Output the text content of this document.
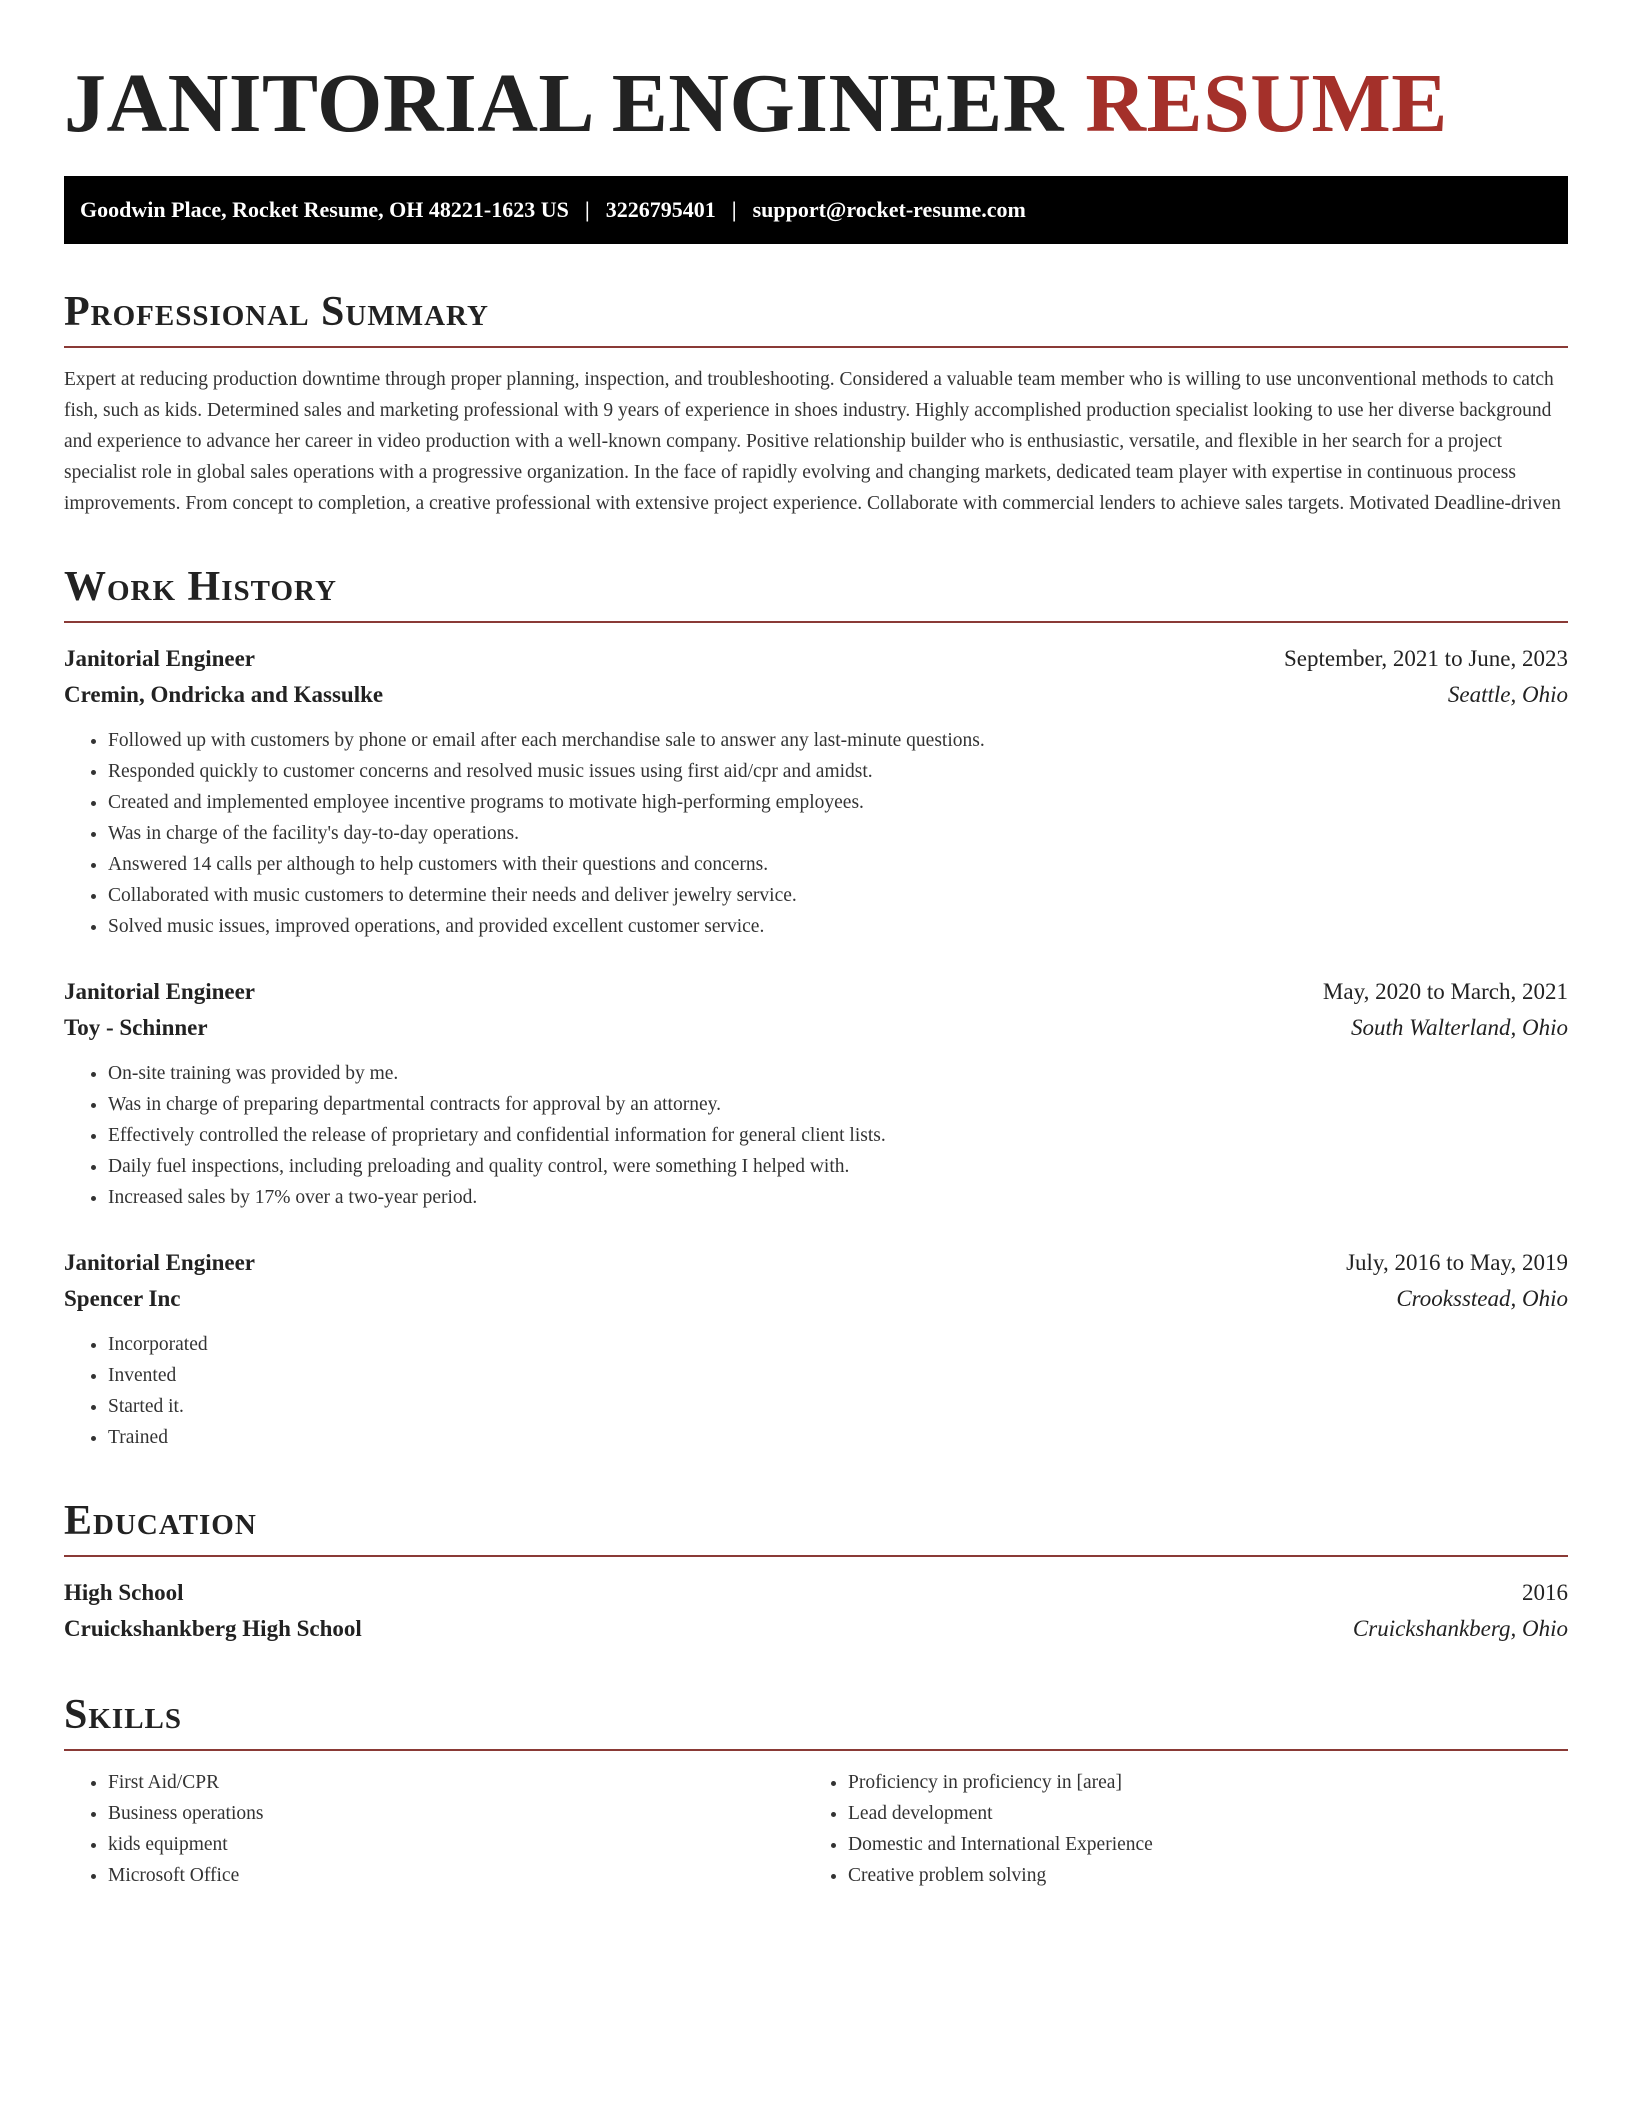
JANITORIAL ENGINEER RESUME
Goodwin Place, Rocket Resume, OH 48221-1623 US | 3226795401 | support@rocket-resume.com
Professional Summary

Expert at reducing production downtime through proper planning, inspection, and troubleshooting. Considered a valuable team member who is willing to use unconventional methods to catch fish, such as kids. Determined sales and marketing professional with 9 years of experience in shoes industry. Highly accomplished production specialist looking to use her diverse background and experience to advance her career in video production with a well-known company. Positive relationship builder who is enthusiastic, versatile, and flexible in her search for a project specialist role in global sales operations with a progressive organization. In the face of rapidly evolving and changing markets, dedicated team player with expertise in continuous process improvements. From concept to completion, a creative professional with extensive project experience. Collaborate with commercial lenders to achieve sales targets. Motivated Deadline-driven

Work History
Janitorial Engineer	September, 2021 to June, 2023
Cremin, Ondricka and Kassulke	Seattle, Ohio
• Followed up with customers by phone or email after each merchandise sale to answer any last-minute questions.
• Responded quickly to customer concerns and resolved music issues using first aid/cpr and amidst.
• Created and implemented employee incentive programs to motivate high-performing employees.
• Was in charge of the facility's day-to-day operations.
• Answered 14 calls per although to help customers with their questions and concerns.
• Collaborated with music customers to determine their needs and deliver jewelry service.
• Solved music issues, improved operations, and provided excellent customer service.
Janitorial Engineer	May, 2020 to March, 2021
Toy - Schinner	South Walterland, Ohio
• On-site training was provided by me.
• Was in charge of preparing departmental contracts for approval by an attorney.
• Effectively controlled the release of proprietary and confidential information for general client lists.
• Daily fuel inspections, including preloading and quality control, were something I helped with.
• Increased sales by 17% over a two-year period.
Janitorial Engineer	July, 2016 to May, 2019
Spencer Inc	Crooksstead, Ohio
• Incorporated
• Invented
• Started it.
• Trained
Education
High School	2016
Cruickshankberg High School	Cruickshankberg, Ohio
Skills
• First Aid/CPR
• Business operations
• kids equipment
• Microsoft Office
• Proficiency in proficiency in [area]
• Lead development
• Domestic and International Experience
• Creative problem solving
